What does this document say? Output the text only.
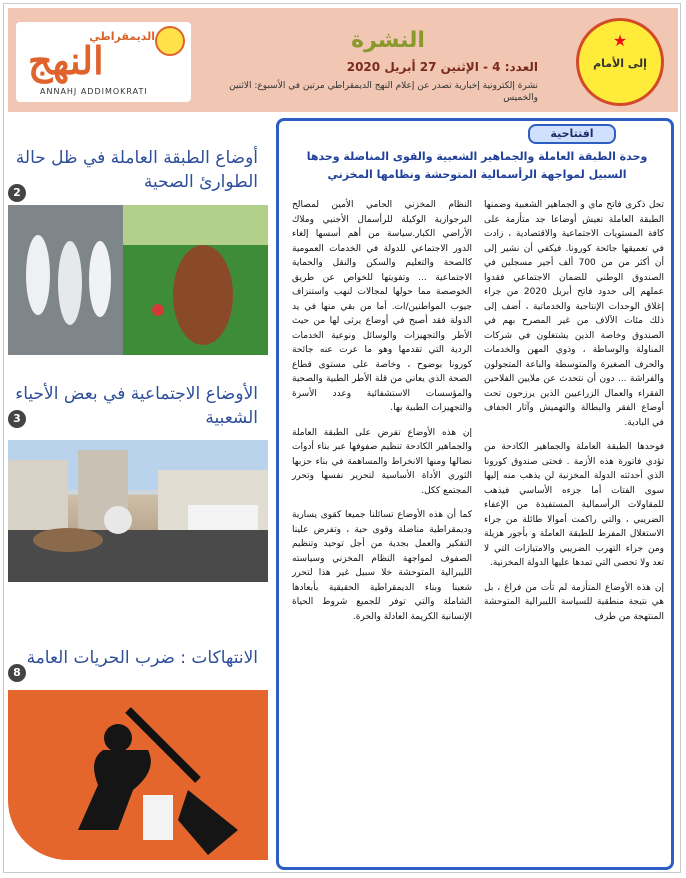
الديمقراطي
النهج
ANNAHJ ADDIMOKRATI
النشرة
العدد: 4 - الإثنين 27 أبريل 2020
نشرة إلكترونية إخبارية تصدر عن إعلام النهج الديمقراطي مرتين في الأسبوع: الاثنين والخميس
★
إلى الأمام
أوضاع الطبقة العاملة في ظل حالة الطوارئ الصحية
2
الأوضاع الاجتماعية في بعض الأحياء الشعبية
3
الانتهاكات : ضرب الحريات العامة
8
افتتاحية
وحدة الطبقة العاملة والجماهير الشعبية والقوى المناضلة وحدها السبيل لمواجهة الرأسمالية المتوحشة ونظامها المخزني

تحل ذكرى فاتح ماي و الجماهير الشعبية وضمنها الطبقة العاملة تعيش أوضاعا جد متأزمة على كافة المستويات الاجتماعية والاقتصادية ، زادت في تعميقها جائحة كورونا. فيكفي أن نشير إلى أن أكثر من من 700 ألف أجير مسجلين في الصندوق الوطني للضمان الاجتماعي فقدوا عملهم إلى حدود فاتح أبريل 2020 من جراء إغلاق الوحدات الإنتاجية والخدماتية ، أضف إلى ذلك مئات الآلاف من غير المصرح بهم في الصندوق وخاصة الذين يشتغلون في شركات المناولة والوساطة ، وذوي المهن والخدمات والحرف الصغيرة والمتوسطة والباعة المتجولون والفراشة ... دون أن نتحدث عن ملايين الفلاحين الفقراء والعمال الزراعيين الذين يرزحون تحت أوضاع الفقر والبطالة والتهميش وآثار الجفاف في البادية.

فوحدها الطبقة العاملة والجماهير الكادحة من تؤدي فاتورة هذه الأزمة . فحتى صندوق كورونا الذي أحدثته الدولة المخزنية لن يذهب منه إليها سوى الفتات أما جزءه الأساسي فيذهب للمقاولات الرأسمالية المستفيدة من الإعفاء الضريبي ، والتي راكمت أموالا طائلة من جراء الاستغلال المفرط للطبقة العاملة و بأجور هزيلة ومن جراء التهرب الضريبي والامتيازات التي لا تعد ولا تحصى التي تمدها عليها الدولة المخزنية.

إن هذه الأوضاع المتأزمة لم تأت من فراغ ، بل هي نتيجة منطقية للسياسة الليبرالية المتوحشة المنتهجة من طرف

النظام المخزني الحامي الأمين لمصالح البرجوازية الوكيلة للرأسمال الأجنبي وملاك الأراضي الكبار.سياسة من أهم أسسها إلغاء الدور الاجتماعي للدولة في الخدمات العمومية كالصحة والتعليم والسكن والنقل والحماية الاجتماعية ... وتفويتها للخواص عن طريق الخوصصة مما حولها لمجالات لنهب واستنزاف جيوب المواطنين/ات. أما من بقي منها في يد الدولة فقد أصبح في أوضاع يرثى لها من حيث الأطر والتجهيزات والوسائل ونوعية الخدمات الردية التي تقدمها وهو ما عرت عنه جائحة كورونا بوضوح ، وخاصة على مستوى قطاع الصحة الذي يعاني من قلة الأطر الطبية والصحية والمؤسسات الاستشفائية وعدد الأسرة والتجهيزات الطبية بها.

إن هذه الأوضاع تفرض على الطبقة العاملة والجماهير الكادحة تنظيم صفوفها عبر بناء أدوات نضالها ومنها الانخراط والمساهمة في بناء حزبها الثوري الأداة الأساسية لتحرير نفسها وتحرر المجتمع ككل.

كما أن هذه الأوضاع تسائلنا جميعا كقوى يسارية وديمقراطية مناضلة وقوى حية ، وتفرض علينا التفكير والعمل بجدية من أجل توحيد وتنظيم الصفوف لمواجهة النظام المخزني وسياسته الليبرالية المتوحشة خلا سبيل غير هذا لتحرر شعبنا وبناء الديمقراطية الحقيقية بأبعادها الشاملة والتي توفر للجميع شروط الحياة الإنسانية الكريمة العادلة والحرة.
